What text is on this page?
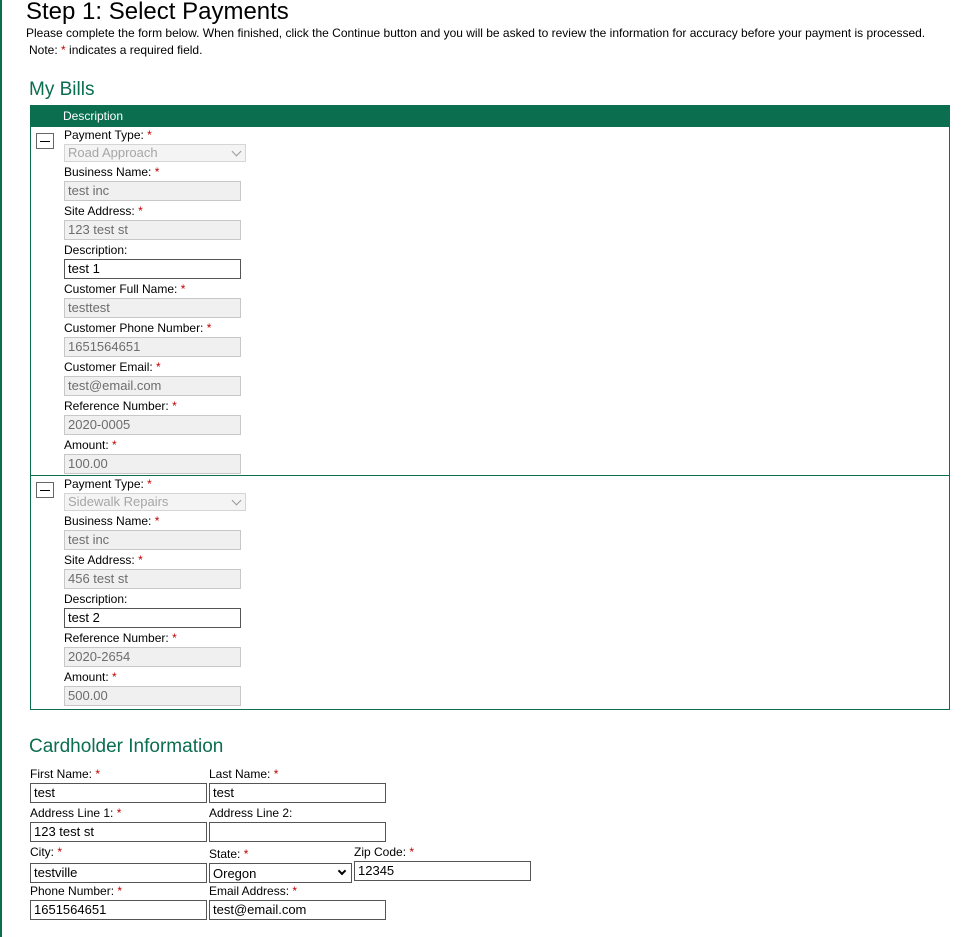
Step 1: Select Payments
Please complete the form below. When finished, click the Continue button and you will be asked to review the information for accuracy before your payment is processed.
Note: * indicates a required field.
My Bills
Description
Payment Type: *
Road Approach
Business Name: *
test inc
Site Address: *
123 test st
Description:
test 1
Customer Full Name: *
testtest
Customer Phone Number: *
1651564651
Customer Email: *
test@email.com
Reference Number: *
2020-0005
Amount: *
100.00
Payment Type: *
Sidewalk Repairs
Business Name: *
test inc
Site Address: *
456 test st
Description:
test 2
Reference Number: *
2020-2654
Amount: *
500.00
Cardholder Information
First Name: *
test
Last Name: *
test
Address Line 1: *
123 test st
Address Line 2:
City: *
testville
State: *
Oregon
Zip Code: *
12345
Phone Number: *
1651564651
Email Address: *
test@email.com
